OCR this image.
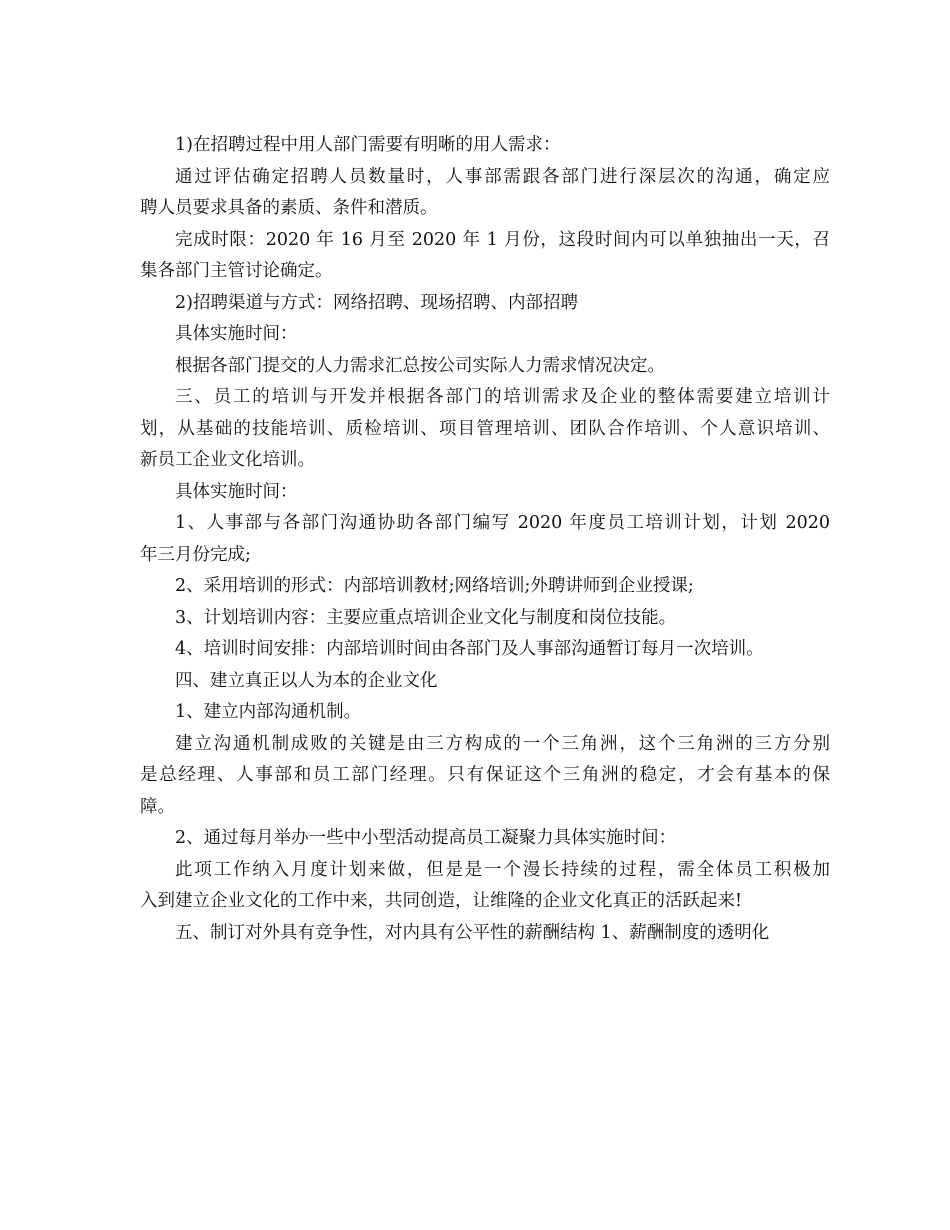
1)在招聘过程中用人部门需要有明晰的用人需求：
通过评估确定招聘人员数量时，人事部需跟各部门进行深层次的沟通，确定应
聘人员要求具备的素质、条件和潜质。
完成时限：2020 年 16 月至 2020 年 1 月份，这段时间内可以单独抽出一天，召
集各部门主管讨论确定。
2)招聘渠道与方式：网络招聘、现场招聘、内部招聘
具体实施时间：
根据各部门提交的人力需求汇总按公司实际人力需求情况决定。
三、员工的培训与开发并根据各部门的培训需求及企业的整体需要建立培训计
划，从基础的技能培训、质检培训、项目管理培训、团队合作培训、个人意识培训、
新员工企业文化培训。
具体实施时间：
1、人事部与各部门沟通协助各部门编写 2020 年度员工培训计划，计划 2020
年三月份完成;
2、采用培训的形式：内部培训教材;网络培训;外聘讲师到企业授课;
3、计划培训内容：主要应重点培训企业文化与制度和岗位技能。
4、培训时间安排：内部培训时间由各部门及人事部沟通暂订每月一次培训。
四、建立真正以人为本的企业文化
1、建立内部沟通机制。
建立沟通机制成败的关键是由三方构成的一个三角洲，这个三角洲的三方分别
是总经理、人事部和员工部门经理。只有保证这个三角洲的稳定，才会有基本的保
障。
2、通过每月举办一些中小型活动提高员工凝聚力具体实施时间：
此项工作纳入月度计划来做，但是是一个漫长持续的过程，需全体员工积极加
入到建立企业文化的工作中来，共同创造，让维隆的企业文化真正的活跃起来!
五、制订对外具有竞争性，对内具有公平性的薪酬结构 1、薪酬制度的透明化
